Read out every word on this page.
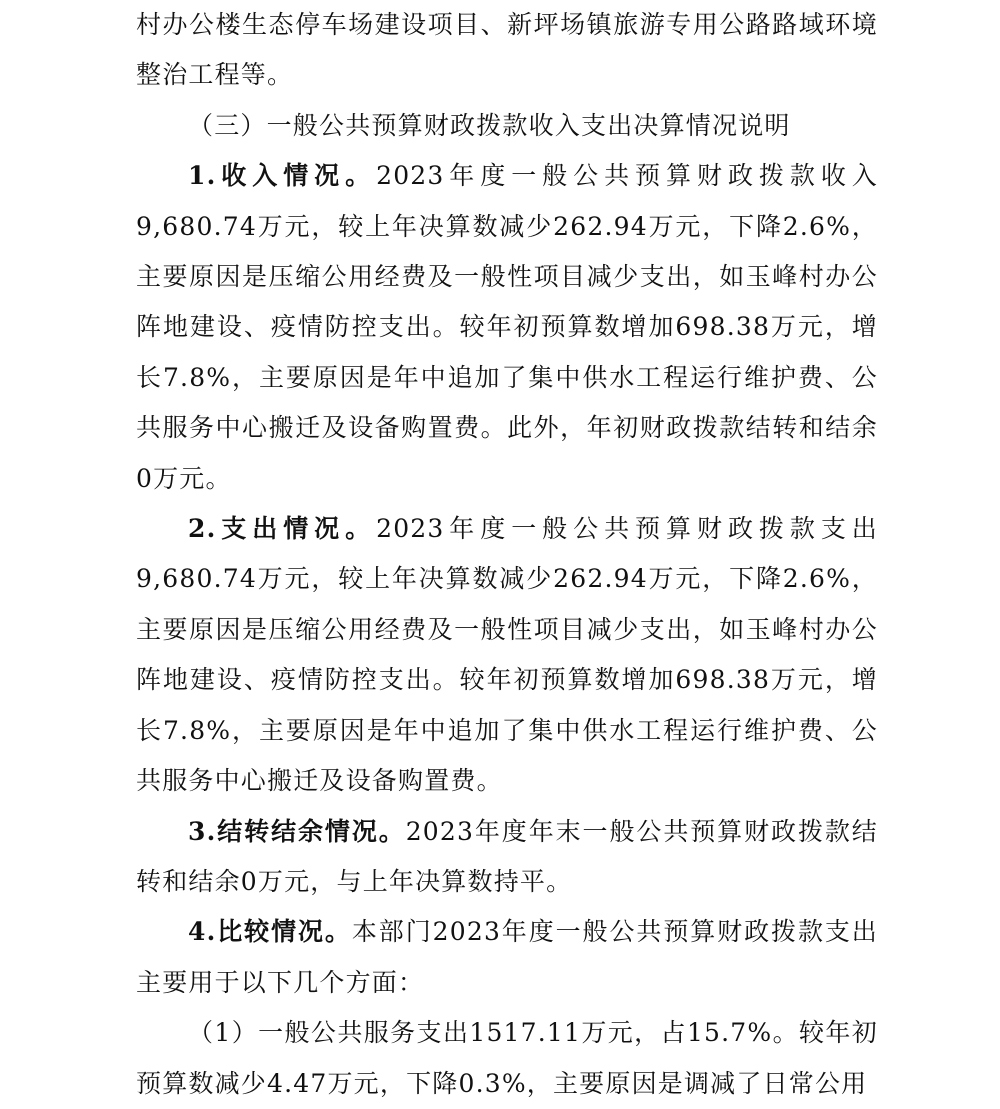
村办公楼生态停车场建设项目、新坪场镇旅游专用公路路域环境整治工程等。

（三）一般公共预算财政拨款收入支出决算情况说明

1.收入情况。2023年度一般公共预算财政拨款收入9,680.74万元，较上年决算数减少262.94万元，下降2.6%，主要原因是压缩公用经费及一般性项目减少支出，如玉峰村办公阵地建设、疫情防控支出。较年初预算数增加698.38万元，增长7.8%，主要原因是年中追加了集中供水工程运行维护费、公共服务中心搬迁及设备购置费。此外，年初财政拨款结转和结余0万元。

2.支出情况。2023年度一般公共预算财政拨款支出9,680.74万元，较上年决算数减少262.94万元，下降2.6%，主要原因是压缩公用经费及一般性项目减少支出，如玉峰村办公阵地建设、疫情防控支出。较年初预算数增加698.38万元，增长7.8%，主要原因是年中追加了集中供水工程运行维护费、公共服务中心搬迁及设备购置费。

3.结转结余情况。2023年度年末一般公共预算财政拨款结转和结余0万元，与上年决算数持平。

4.比较情况。本部门2023年度一般公共预算财政拨款支出主要用于以下几个方面：

（1）一般公共服务支出1517.11万元，占15.7%。较年初预算数减少4.47万元，下降0.3%，主要原因是调减了日常公用
